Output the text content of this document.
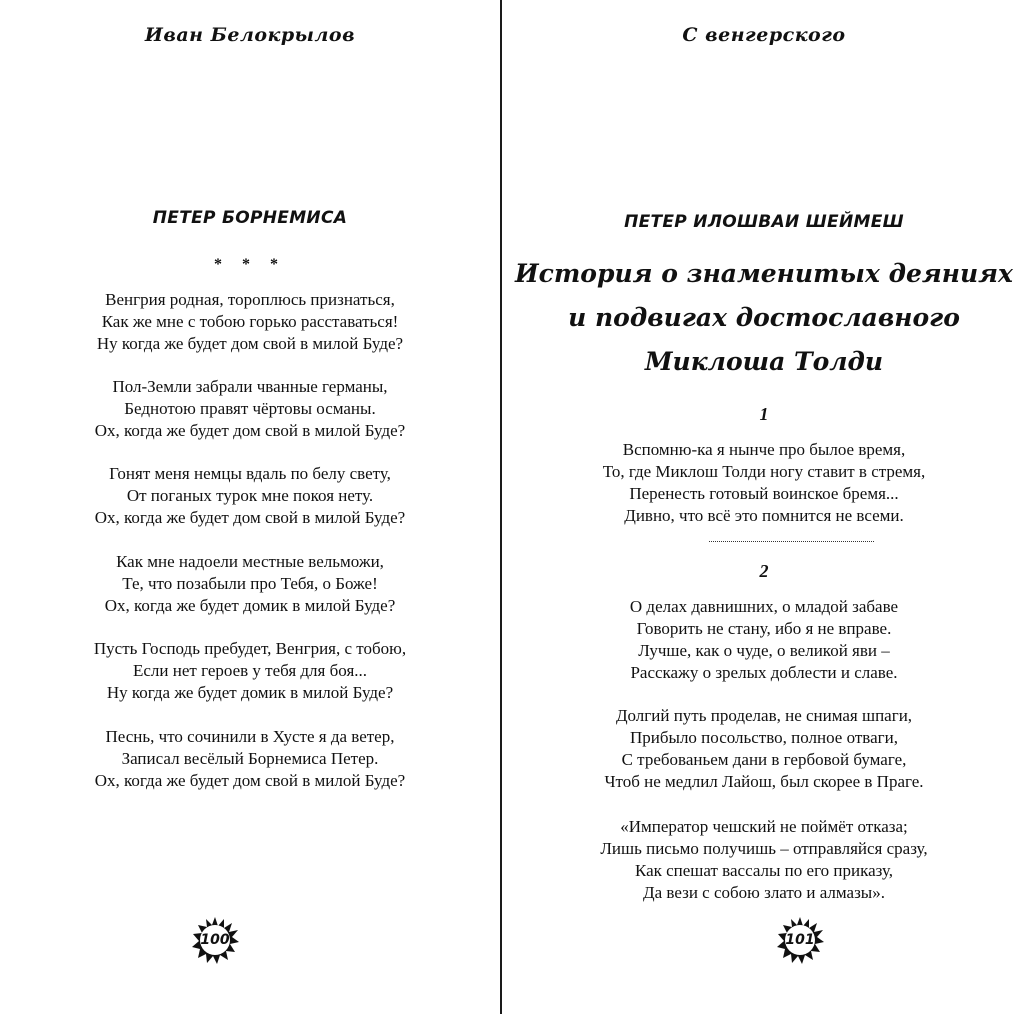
Иван Белокрылов
ПЕТЕР БОРНЕМИСА
* * *
Венгрия родная, тороплюсь признаться,
Как же мне с тобою горько расставаться!
Ну когда же будет дом свой в милой Буде?
Пол-Земли забрали чванные германы,
Беднотою правят чёртовы османы.
Ох, когда же будет дом свой в милой Буде?
Гонят меня немцы вдаль по белу свету,
От поганых турок мне покоя нету.
Ох, когда же будет дом свой в милой Буде?
Как мне надоели местные вельможи,
Те, что позабыли про Тебя, о Боже!
Ох, когда же будет домик в милой Буде?
Пусть Господь пребудет, Венгрия, с тобою,
Если нет героев у тебя для боя...
Ну когда же будет домик в милой Буде?
Песнь, что сочинили в Хусте я да ветер,
Записал весёлый Борнемиса Петер.
Ох, когда же будет дом свой в милой Буде?
100
С венгерского
ПЕТЕР ИЛОШВАИ ШЕЙМЕШ
История о знаменитых деяниях
и подвигах достославного
Миклоша Толди
1
Вспомню-ка я нынче про былое время,
То, где Миклош Толди ногу ставит в стремя,
Перенесть готовый воинское бремя...
Дивно, что всё это помнится не всеми.
2
О делах давнишних, о младой забаве
Говорить не стану, ибо я не вправе.
Лучше, как о чуде, о великой яви –
Расскажу о зрелых доблести и славе.
Долгий путь проделав, не снимая шпаги,
Прибыло посольство, полное отваги,
С требованьем дани в гербовой бумаге,
Чтоб не медлил Лайош, был скорее в Праге.
«Император чешский не поймёт отказа;
Лишь письмо получишь – отправляйся сразу,
Как спешат вассалы по его приказу,
Да вези с собою злато и алмазы».
101
